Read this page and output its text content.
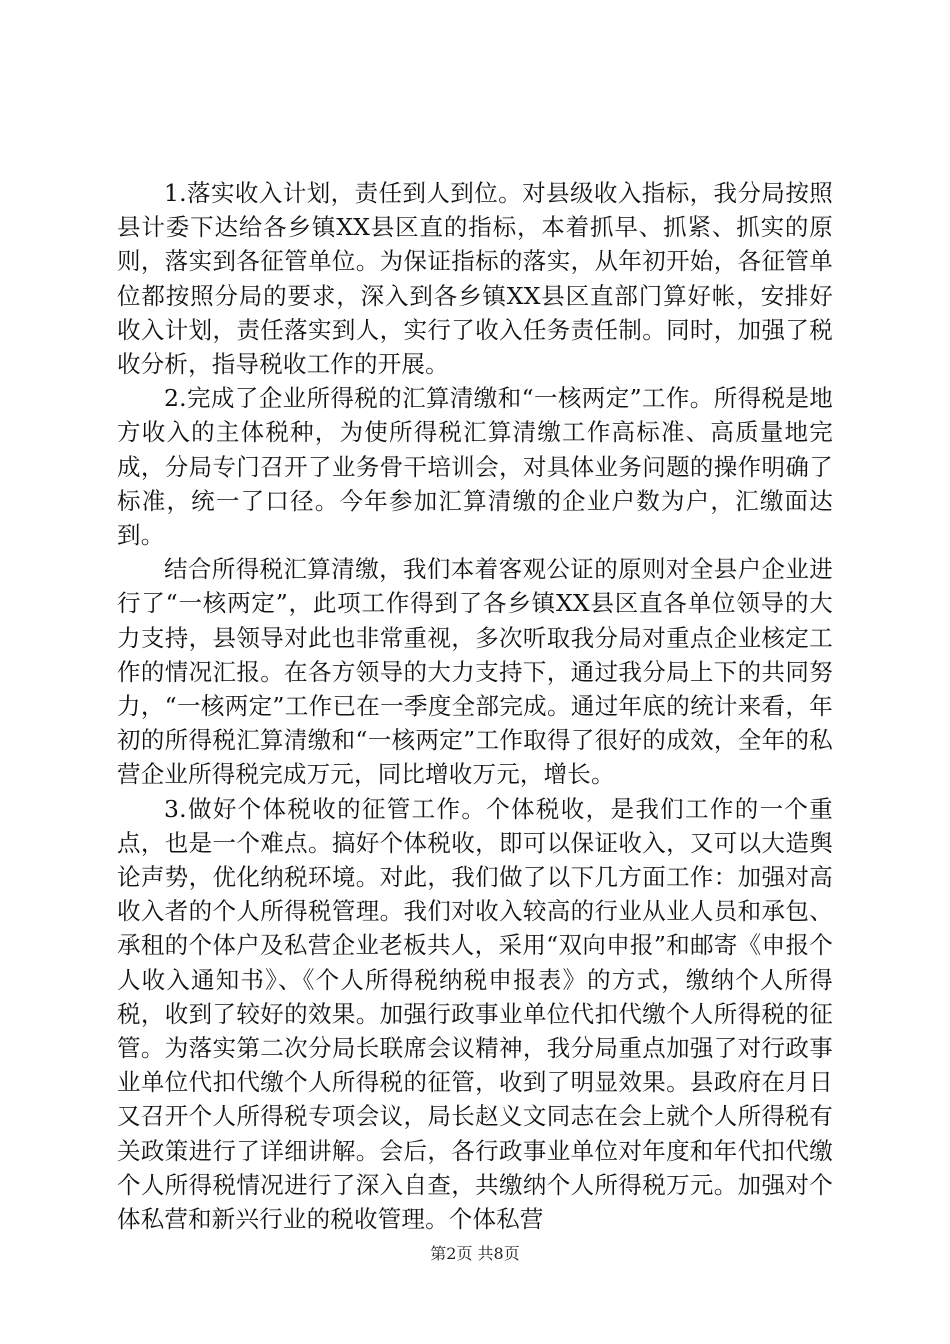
1.落实收入计划，责任到人到位。对县级收入指标，我分局按照县计委下达给各乡镇XX县区直的指标，本着抓早、抓紧、抓实的原则，落实到各征管单位。为保证指标的落实，从年初开始，各征管单位都按照分局的要求，深入到各乡镇XX县区直部门算好帐，安排好收入计划，责任落实到人，实行了收入任务责任制。同时，加强了税收分析，指导税收工作的开展。

2.完成了企业所得税的汇算清缴和“一核两定”工作。所得税是地方收入的主体税种，为使所得税汇算清缴工作高标准、高质量地完成，分局专门召开了业务骨干培训会，对具体业务问题的操作明确了标准，统一了口径。今年参加汇算清缴的企业户数为户，汇缴面达到。

结合所得税汇算清缴，我们本着客观公证的原则对全县户企业进行了“一核两定”，此项工作得到了各乡镇XX县区直各单位领导的大力支持，县领导对此也非常重视，多次听取我分局对重点企业核定工作的情况汇报。在各方领导的大力支持下，通过我分局上下的共同努力，“一核两定”工作已在一季度全部完成。通过年底的统计来看，年初的所得税汇算清缴和“一核两定”工作取得了很好的成效，全年的私营企业所得税完成万元，同比增收万元，增长。

3.做好个体税收的征管工作。个体税收，是我们工作的一个重点，也是一个难点。搞好个体税收，即可以保证收入，又可以大造舆论声势，优化纳税环境。对此，我们做了以下几方面工作：加强对高收入者的个人所得税管理。我们对收入较高的行业从业人员和承包、承租的个体户及私营企业老板共人，采用“双向申报”和邮寄《申报个人收入通知书》、《个人所得税纳税申报表》的方式，缴纳个人所得税，收到了较好的效果。加强行政事业单位代扣代缴个人所得税的征管。为落实第二次分局长联席会议精神，我分局重点加强了对行政事业单位代扣代缴个人所得税的征管，收到了明显效果。县政府在月日又召开个人所得税专项会议，局长赵义文同志在会上就个人所得税有关政策进行了详细讲解。会后，各行政事业单位对年度和年代扣代缴个人所得税情况进行了深入自查，共缴纳个人所得税万元。加强对个体私营和新兴行业的税收管理。个体私营

第2页 共8页
